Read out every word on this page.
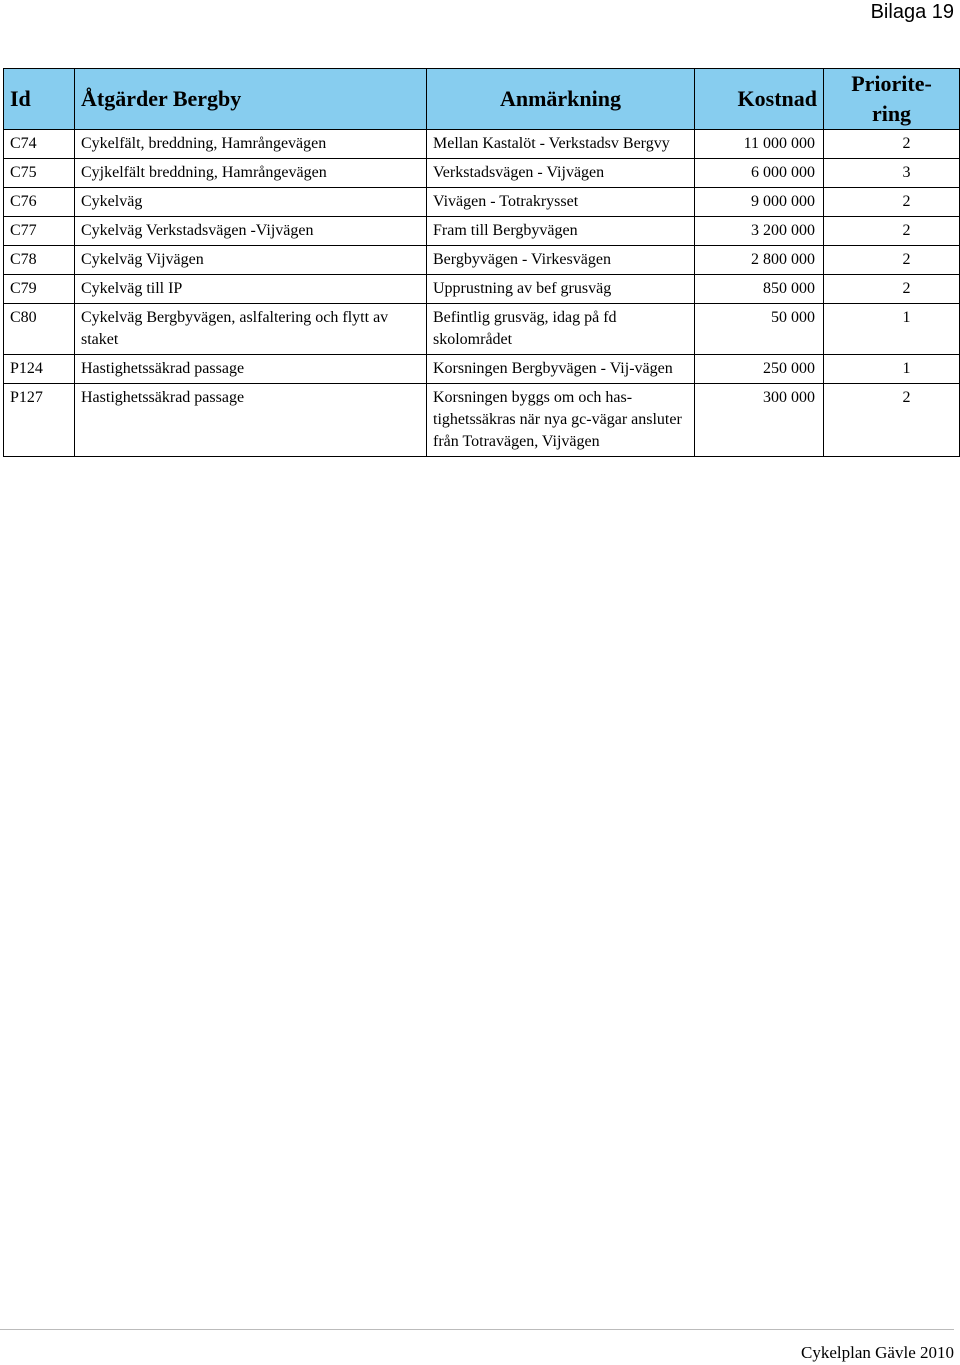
Bilaga 19
Id	Åtgärder Bergby	Anmärkning	Kostnad	Priorite-
ring
C74	Cykelfält, breddning, Hamrångevägen	Mellan Kastalöt - Verkstadsv Bergvy	11 000 000	2
C75	Cyjkelfält breddning, Hamrångevägen	Verkstadsvägen - Vijvägen	6 000 000	3
C76	Cykelväg	Vivägen - Totrakrysset	9 000 000	2
C77	Cykelväg Verkstadsvägen -Vijvägen	Fram till Bergbyvägen	3 200 000	2
C78	Cykelväg Vijvägen	Bergbyvägen - Virkesvägen	2 800 000	2
C79	Cykelväg till IP	Upprustning av bef grusväg	850 000	2
C80	Cykelväg Bergbyvägen, aslfaltering och flytt av staket	Befintlig grusväg, idag på fd skolområdet	50 000	1
P124	Hastighetssäkrad passage	Korsningen Bergbyvägen - Vij-vägen	250 000	1
P127	Hastighetssäkrad passage	Korsningen byggs om och has-tighetssäkras när nya gc-vägar ansluter från Totravägen, Vijvägen	300 000	2
Cykelplan Gävle 2010
